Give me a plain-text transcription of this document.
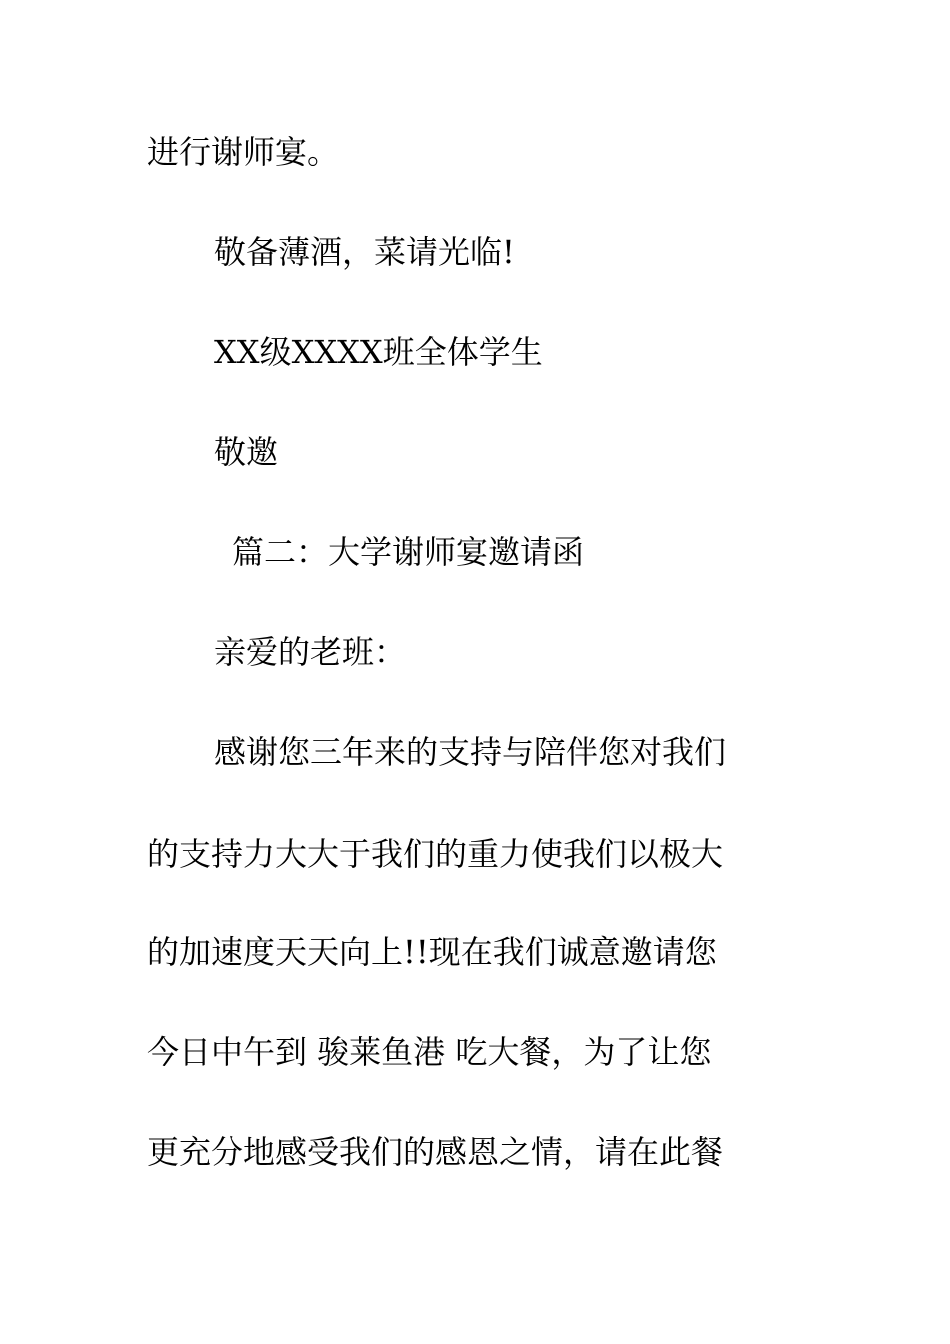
进行谢师宴。
敬备薄酒，菜请光临!
XX级XXXX班全体学生
敬邀
篇二：大学谢师宴邀请函
亲爱的老班：
感谢您三年来的支持与陪伴您对我们
的支持力大大于我们的重力使我们以极大
的加速度天天向上!!现在我们诚意邀请您
今日中午到 骏莱鱼港 吃大餐，为了让您
更充分地感受我们的感恩之情，请在此餐
